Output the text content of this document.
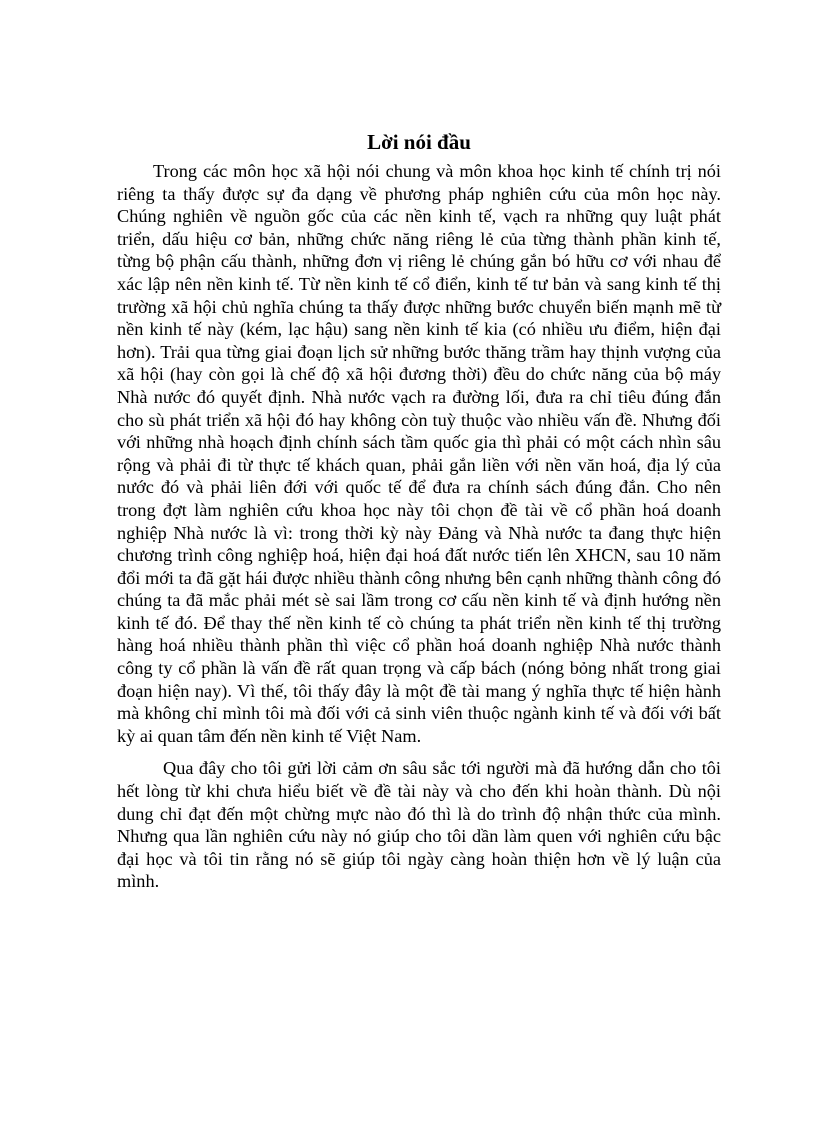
Lời nói đầu

Trong các môn học xã hội nói chung và môn khoa học kinh tế chính trị nói riêng ta thấy được sự đa dạng về phương pháp nghiên cứu của môn học này. Chúng nghiên về nguồn gốc của các nền kinh tế, vạch ra những quy luật phát triển, dấu hiệu cơ bản, những chức năng riêng lẻ của từng thành phần kinh tế, từng bộ phận cấu thành, những đơn vị riêng lẻ chúng gắn bó hữu cơ với nhau để xác lập nên nền kinh tế. Từ nền kinh tế cổ điển, kinh tế tư bản và sang kinh tế thị trường xã hội chủ nghĩa chúng ta thấy được những bước chuyển biến mạnh mẽ từ nền kinh tế này (kém, lạc hậu) sang nền kinh tế kia (có nhiều ưu điểm, hiện đại hơn). Trải qua từng giai đoạn lịch sử những bước thăng trầm hay thịnh vượng của xã hội (hay còn gọi là chế độ xã hội đương thời) đều do chức năng của bộ máy Nhà nước đó quyết định. Nhà nước vạch ra đường lối, đưa ra chỉ tiêu đúng đắn cho sù phát triển xã hội đó hay không còn tuỳ thuộc vào nhiều vấn đề. Nhưng đối với những nhà hoạch định chính sách tầm quốc gia thì phải có một cách nhìn sâu rộng và phải đi từ thực tế khách quan, phải gắn liền với nền văn hoá, địa lý của nước đó và phải liên đới với quốc tế để đưa ra chính sách đúng đắn. Cho nên trong đợt làm nghiên cứu khoa học này tôi chọn đề tài về cổ phần hoá doanh nghiệp Nhà nước là vì: trong thời kỳ này Đảng và Nhà nước ta đang thực hiện chương trình công nghiệp hoá, hiện đại hoá đất nước tiến lên XHCN, sau 10 năm đổi mới ta đã gặt hái được nhiều thành công nhưng bên cạnh những thành công đó chúng ta đã mắc phải mét sè sai lầm trong cơ cấu nền kinh tế và định hướng nền kinh tế đó. Để thay thế nền kinh tế cò chúng ta phát triển nền kinh tế thị trường hàng hoá nhiều thành phần thì việc cổ phần hoá doanh nghiệp Nhà nước thành công ty cổ phần là vấn đề rất quan trọng và cấp bách (nóng bỏng nhất trong giai đoạn hiện nay). Vì thế, tôi thấy đây là một đề tài mang ý nghĩa thực tế hiện hành mà không chỉ mình tôi mà đối với cả sinh viên thuộc ngành kinh tế và đối với bất kỳ ai quan tâm đến nền kinh tế Việt Nam.

Qua đây cho tôi gửi lời cảm ơn sâu sắc tới người mà đã hướng dẫn cho tôi hết lòng từ khi chưa hiểu biết về đề tài này và cho đến khi hoàn thành. Dù nội dung chỉ đạt đến một chừng mực nào đó thì là do trình độ nhận thức của mình. Nhưng qua lần nghiên cứu này nó giúp cho tôi dần làm quen với nghiên cứu bậc đại học và tôi tin rằng nó sẽ giúp tôi ngày càng hoàn thiện hơn về lý luận của mình.
